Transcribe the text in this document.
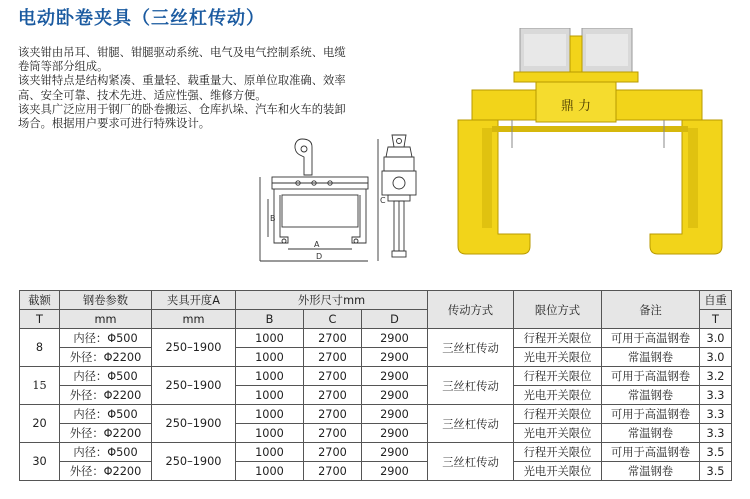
电动卧卷夹具（三丝杠传动）

该夹钳由吊耳、钳腿、钳腿驱动系统、电气及电气控制系统、电缆

卷筒等部分组成。

该夹钳特点是结构紧凑、重量轻、载重量大、原单位取准确、效率

高、安全可靠、技术先进、适应性强、维修方便。

该夹具广泛应用于钢厂的卧卷搬运、仓库扒垛、汽车和火车的装卸

场合。根据用户要求可进行特殊设计。

A
B
C
D
鼎 力
截额	钢卷参数	夹具开度A	外形尺寸mm			传动方式	限位方式	备注	自重
T	mm	mm	B	C	D				T
8	内径：Φ500	250–1900	1000	2700	2900	三丝杠传动	行程开关限位	可用于高温钢卷	3.0
	外径：Φ2200		1000	2700	2900		光电开关限位	常温钢卷	3.0
15	内径：Φ500	250–1900	1000	2700	2900	三丝杠传动	行程开关限位	可用于高温钢卷	3.2
	外径：Φ2200		1000	2700	2900		光电开关限位	常温钢卷	3.3
20	内径：Φ500	250–1900	1000	2700	2900	三丝杠传动	行程开关限位	可用于高温钢卷	3.3
	外径：Φ2200		1000	2700	2900		光电开关限位	常温钢卷	3.3
30	内径：Φ500	250–1900	1000	2700	2900	三丝杠传动	行程开关限位	可用于高温钢卷	3.5
	外径：Φ2200		1000	2700	2900		光电开关限位	常温钢卷	3.5
